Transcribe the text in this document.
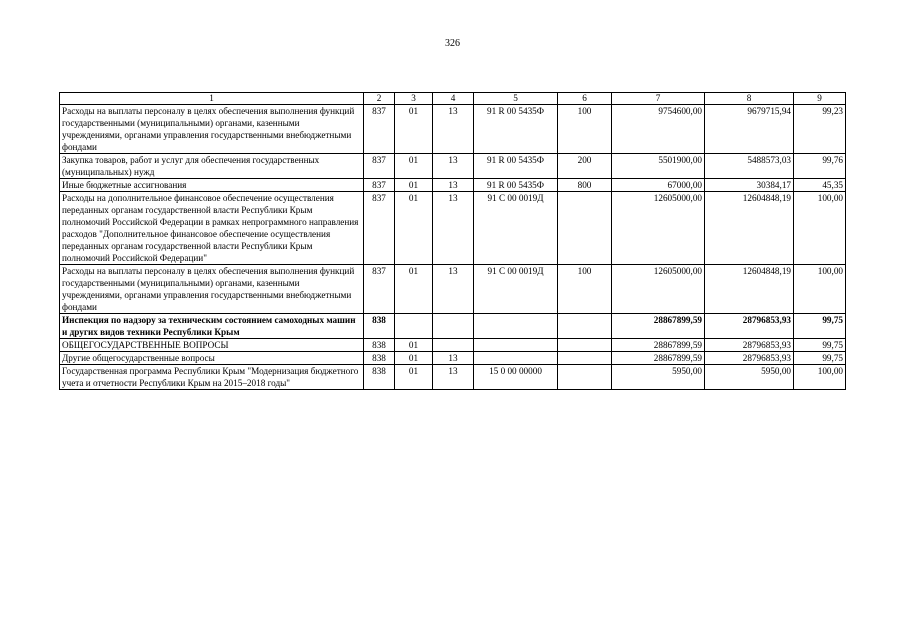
326
1	2	3	4	5	6	7	8	9
Расходы на выплаты персоналу в целях обеспечения выполнения функций государственными (муниципальными) органами, казенными учреждениями, органами управления государственными внебюджетными фондами	837	01	13	91 R 00 5435Ф	100	9754600,00	9679715,94	99,23
Закупка товаров, работ и услуг для обеспечения государственных (муниципальных) нужд	837	01	13	91 R 00 5435Ф	200	5501900,00	5488573,03	99,76
Иные бюджетные ассигнования	837	01	13	91 R 00 5435Ф	800	67000,00	30384,17	45,35
Расходы на дополнительное финансовое обеспечение осуществления переданных органам государственной власти Республики Крым полномочий Российской Федерации в рамках непрограммного направления расходов "Дополнительное финансовое обеспечение осуществления переданных органам государственной власти Республики Крым полномочий Российской Федерации"	837	01	13	91 С 00 0019Д		12605000,00	12604848,19	100,00
Расходы на выплаты персоналу в целях обеспечения выполнения функций государственными (муниципальными) органами, казенными учреждениями, органами управления государственными внебюджетными фондами	837	01	13	91 С 00 0019Д	100	12605000,00	12604848,19	100,00
Инспекция по надзору за техническим состоянием самоходных машин и других видов техники Республики Крым	838					28867899,59	28796853,93	99,75
ОБЩЕГОСУДАРСТВЕННЫЕ ВОПРОСЫ	838	01				28867899,59	28796853,93	99,75
Другие общегосударственные вопросы	838	01	13			28867899,59	28796853,93	99,75
Государственная программа Республики Крым "Модернизация бюджетного учета и отчетности Республики Крым на 2015–2018 годы"	838	01	13	15 0 00 00000		5950,00	5950,00	100,00
